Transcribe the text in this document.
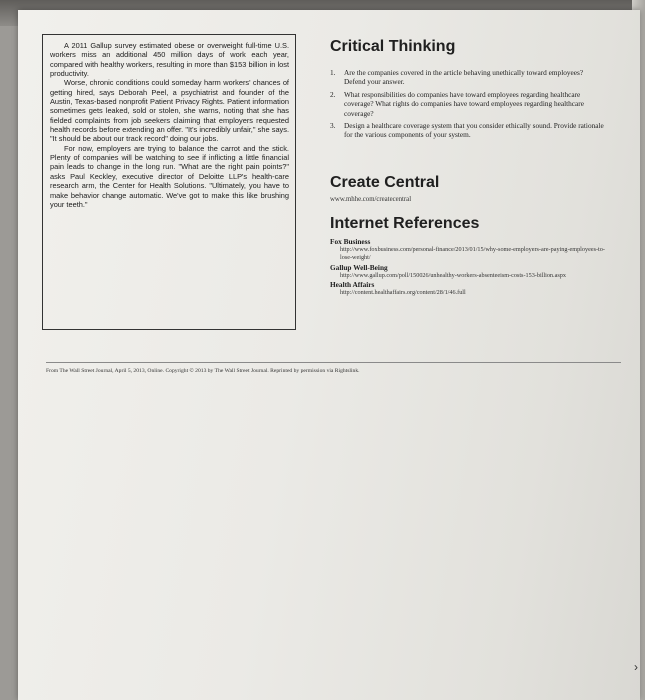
A 2011 Gallup survey estimated obese or overweight full-time U.S. workers miss an additional 450 million days of work each year, compared with healthy workers, resulting in more than $153 billion in lost productivity.

Worse, chronic conditions could someday harm workers' chances of getting hired, says Deborah Peel, a psychiatrist and founder of the Austin, Texas-based nonprofit Patient Privacy Rights. Patient information sometimes gets leaked, sold or stolen, she warns, noting that she has fielded complaints from job seekers claiming that employers requested health records before extending an offer. "It's incredibly unfair," she says. "It should be about our track record" doing our jobs.

For now, employers are trying to balance the carrot and the stick. Plenty of companies will be watching to see if inflicting a little financial pain leads to change in the long run. "What are the right pain points?" asks Paul Keckley, executive director of Deloitte LLP's health-care research arm, the Center for Health Solutions. "Ultimately, you have to make behavior change automatic. We've got to make this like brushing your teeth."

Critical Thinking
1. Are the companies covered in the article behaving unethically toward employees? Defend your answer.
2. What responsibilities do companies have toward employees regarding healthcare coverage? What rights do companies have toward employees regarding healthcare coverage?
3. Design a healthcare coverage system that you consider ethically sound. Provide rationale for the various components of your system.
Create Central
www.mhhe.com/createcentral
Internet References
Fox Business
http://www.foxbusiness.com/personal-finance/2013/01/15/why-some-employers-are-paying-employees-to-lose-weight/
Gallup Well-Being
http://www.gallup.com/poll/150026/unhealthy-workers-absenteeism-costs-153-billion.aspx
Health Affairs
http://content.healthaffairs.org/content/28/1/46.full
From The Wall Street Journal, April 5, 2013, Online. Copyright © 2013 by The Wall Street Journal. Reprinted by permission via Rightslink.
›
